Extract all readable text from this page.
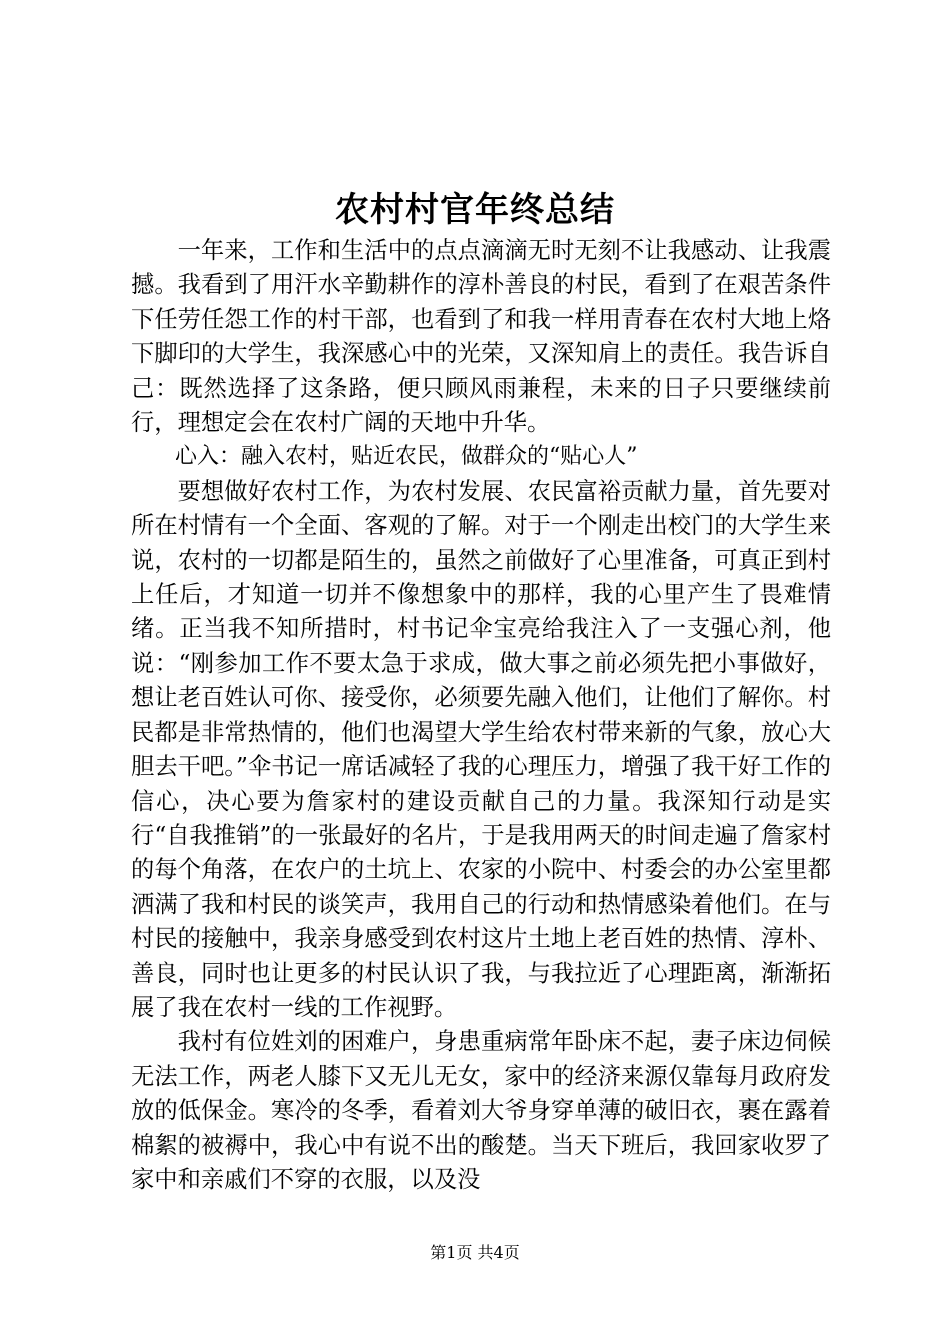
农村村官年终总结

一年来，工作和生活中的点点滴滴无时无刻不让我感动、让我震撼。我看到了用汗水辛勤耕作的淳朴善良的村民，看到了在艰苦条件下任劳任怨工作的村干部，也看到了和我一样用青春在农村大地上烙下脚印的大学生，我深感心中的光荣，又深知肩上的责任。我告诉自己：既然选择了这条路，便只顾风雨兼程，未来的日子只要继续前行，理想定会在农村广阔的天地中升华。

心入：融入农村，贴近农民，做群众的“贴心人”

要想做好农村工作，为农村发展、农民富裕贡献力量，首先要对所在村情有一个全面、客观的了解。对于一个刚走出校门的大学生来说，农村的一切都是陌生的，虽然之前做好了心里准备，可真正到村上任后，才知道一切并不像想象中的那样，我的心里产生了畏难情绪。正当我不知所措时，村书记伞宝亮给我注入了一支强心剂，他说：“刚参加工作不要太急于求成，做大事之前必须先把小事做好，想让老百姓认可你、接受你，必须要先融入他们，让他们了解你。村民都是非常热情的，他们也渴望大学生给农村带来新的气象，放心大胆去干吧。”伞书记一席话减轻了我的心理压力，增强了我干好工作的信心，决心要为詹家村的建设贡献自己的力量。我深知行动是实行“自我推销”的一张最好的名片，于是我用两天的时间走遍了詹家村的每个角落，在农户的土坑上、农家的小院中、村委会的办公室里都洒满了我和村民的谈笑声，我用自己的行动和热情感染着他们。在与村民的接触中，我亲身感受到农村这片土地上老百姓的热情、淳朴、善良，同时也让更多的村民认识了我，与我拉近了心理距离，渐渐拓展了我在农村一线的工作视野。

我村有位姓刘的困难户，身患重病常年卧床不起，妻子床边伺候无法工作，两老人膝下又无儿无女，家中的经济来源仅靠每月政府发放的低保金。寒冷的冬季，看着刘大爷身穿单薄的破旧衣，裹在露着棉絮的被褥中，我心中有说不出的酸楚。当天下班后，我回家收罗了家中和亲戚们不穿的衣服，以及没

第1页 共4页
